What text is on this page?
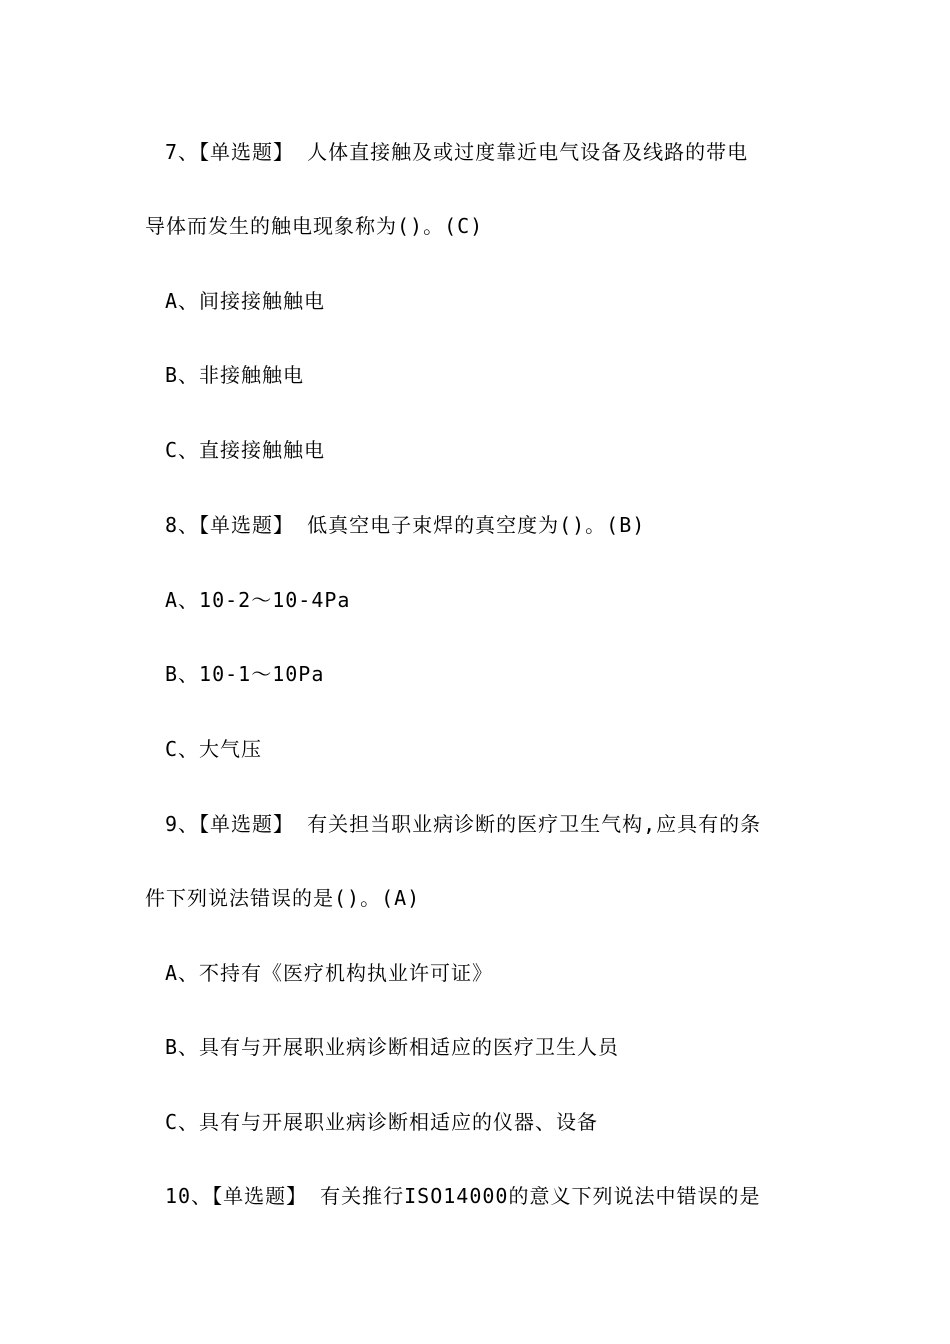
7、【单选题】 人体直接触及或过度靠近电气设备及线路的带电
导体而发生的触电现象称为()。(C)
A、间接接触触电
B、非接触触电
C、直接接触触电
8、【单选题】 低真空电子束焊的真空度为()。(B)
A、10-2～10-4Pa
B、10-1～10Pa
C、大气压
9、【单选题】 有关担当职业病诊断的医疗卫生气构,应具有的条
件下列说法错误的是()。(A)
A、不持有《医疗机构执业许可证》
B、具有与开展职业病诊断相适应的医疗卫生人员
C、具有与开展职业病诊断相适应的仪器、设备
10、【单选题】 有关推行ISO14000的意义下列说法中错误的是
